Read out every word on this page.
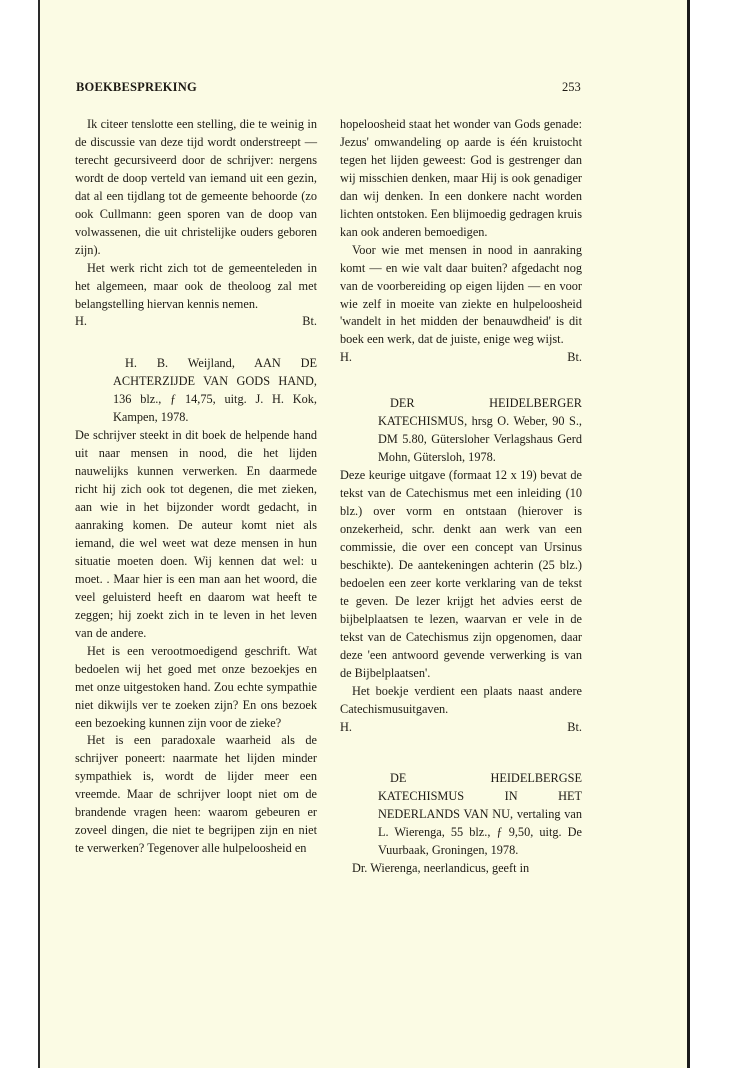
BOEKBESPREKING	253

Ik citeer tenslotte een stelling, die te weinig in de discussie van deze tijd wordt onderstreept — terecht gecursiveerd door de schrijver: nergens wordt de doop verteld van iemand uit een gezin, dat al een tijdlang tot de gemeente behoorde (zo ook Cullmann: geen sporen van de doop van volwassenen, die uit christelijke ouders geboren zijn).

Het werk richt zich tot de gemeenteleden in het algemeen, maar ook de theoloog zal met belangstelling hiervan kennis nemen.

H.	Bt.

H. B. Weijland, AAN DE ACHTERZIJDE VAN GODS HAND, 136 blz., ƒ 14,75, uitg. J. H. Kok, Kampen, 1978.

De schrijver steekt in dit boek de helpende hand uit naar mensen in nood, die het lijden nauwelijks kunnen verwerken. En daarmede richt hij zich ook tot degenen, die met zieken, aan wie in het bijzonder wordt gedacht, in aanraking komen. De auteur komt niet als iemand, die wel weet wat deze mensen in hun situatie moeten doen. Wij kennen dat wel: u moet. . Maar hier is een man aan het woord, die veel geluisterd heeft en daarom wat heeft te zeggen; hij zoekt zich in te leven in het leven van de andere.

Het is een verootmoedigend geschrift. Wat bedoelen wij het goed met onze bezoekjes en met onze uitgestoken hand. Zou echte sympathie niet dikwijls ver te zoeken zijn? En ons bezoek een bezoeking kunnen zijn voor de zieke?

Het is een paradoxale waarheid als de schrijver poneert: naarmate het lijden minder sympathiek is, wordt de lijder meer een vreemde. Maar de schrijver loopt niet om de brandende vragen heen: waarom gebeuren er zoveel dingen, die niet te begrijpen zijn en niet te verwerken? Tegenover alle hulpeloosheid en

hopeloosheid staat het wonder van Gods genade: Jezus' omwandeling op aarde is één kruistocht tegen het lijden geweest: God is gestrenger dan wij misschien denken, maar Hij is ook genadiger dan wij denken. In een donkere nacht worden lichten ontstoken. Een blijmoedig gedragen kruis kan ook anderen bemoedigen.

Voor wie met mensen in nood in aanraking komt — en wie valt daar buiten? afgedacht nog van de voorbereiding op eigen lijden — en voor wie zelf in moeite van ziekte en hulpeloosheid 'wandelt in het midden der benauwdheid' is dit boek een werk, dat de juiste, enige weg wijst.

H.	Bt.

DER HEIDELBERGER KATECHISMUS, hrsg O. Weber, 90 S., DM 5.80, Gütersloher Verlagshaus Gerd Mohn, Gütersloh, 1978.

Deze keurige uitgave (formaat 12 x 19) bevat de tekst van de Catechismus met een inleiding (10 blz.) over vorm en ontstaan (hierover is onzekerheid, schr. denkt aan werk van een commissie, die over een concept van Ursinus beschikte). De aantekeningen achterin (25 blz.) bedoelen een zeer korte verklaring van de tekst te geven. De lezer krijgt het advies eerst de bijbelplaatsen te lezen, waarvan er vele in de tekst van de Catechismus zijn opgenomen, daar deze 'een antwoord gevende verwerking is van de Bijbelplaatsen'.

Het boekje verdient een plaats naast andere Catechismusuitgaven.

H.	Bt.

DE HEIDELBERGSE KATECHISMUS IN HET NEDERLANDS VAN NU, vertaling van L. Wierenga, 55 blz., ƒ 9,50, uitg. De Vuurbaak, Groningen, 1978.

Dr. Wierenga, neerlandicus, geeft in
